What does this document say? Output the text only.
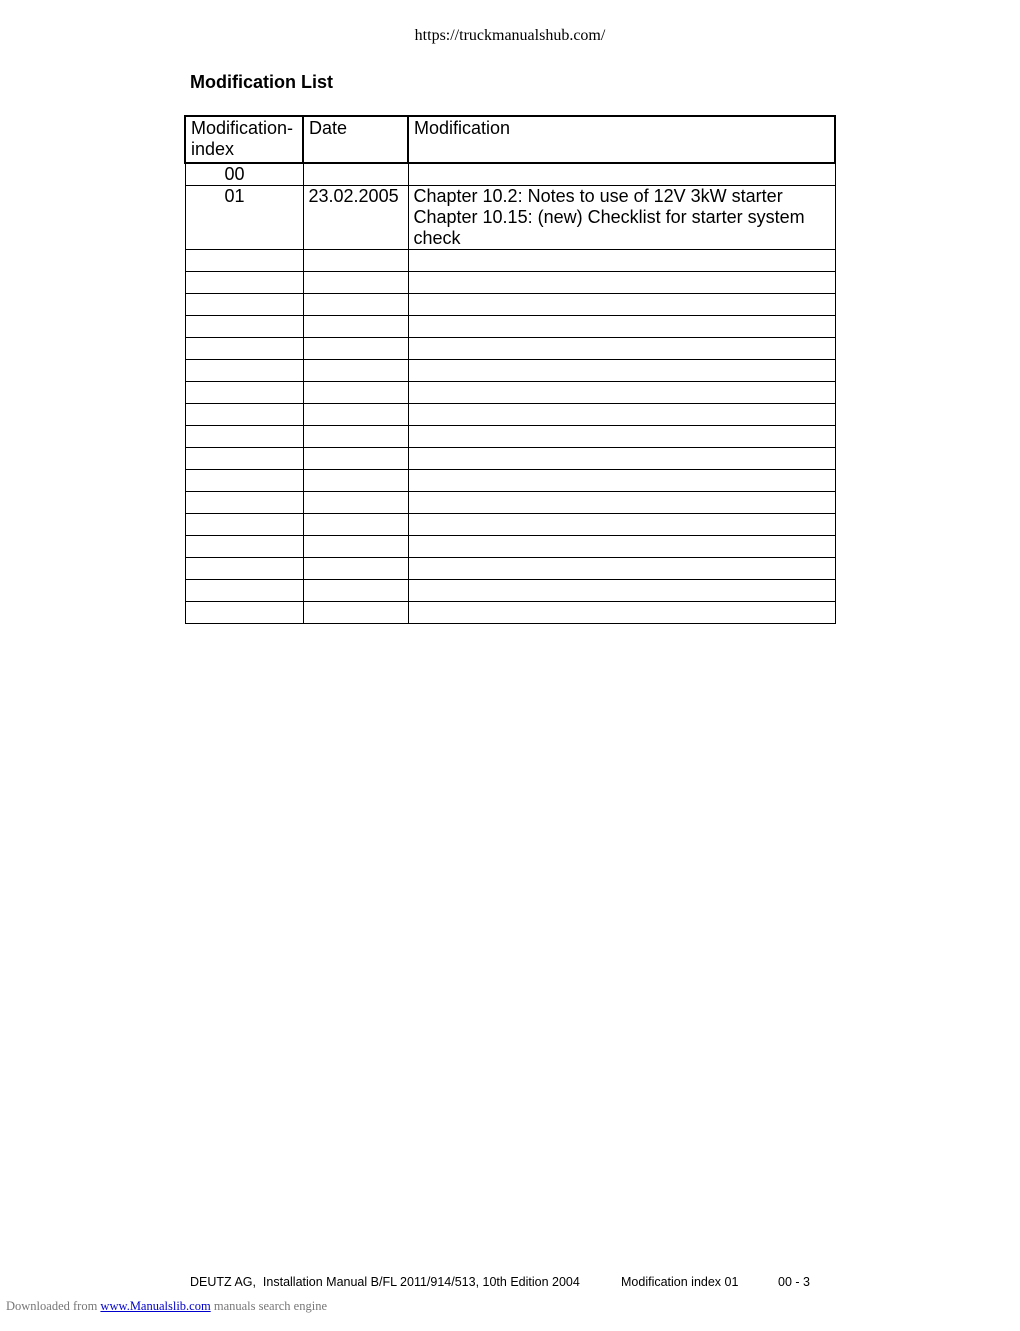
https://truckmanualshub.com/
Modification List
Modification-
index	Date	Modification
00		
01	23.02.2005	Chapter 10.2: Notes to use of 12V 3kW starter
Chapter 10.15: (new) Checklist for starter system check

DEUTZ AG,  Installation Manual B/FL 2011/914/513, 10th Edition 2004

	Modification index 01

	00 - 3

Downloaded from www.Manualslib.com manuals search engine
